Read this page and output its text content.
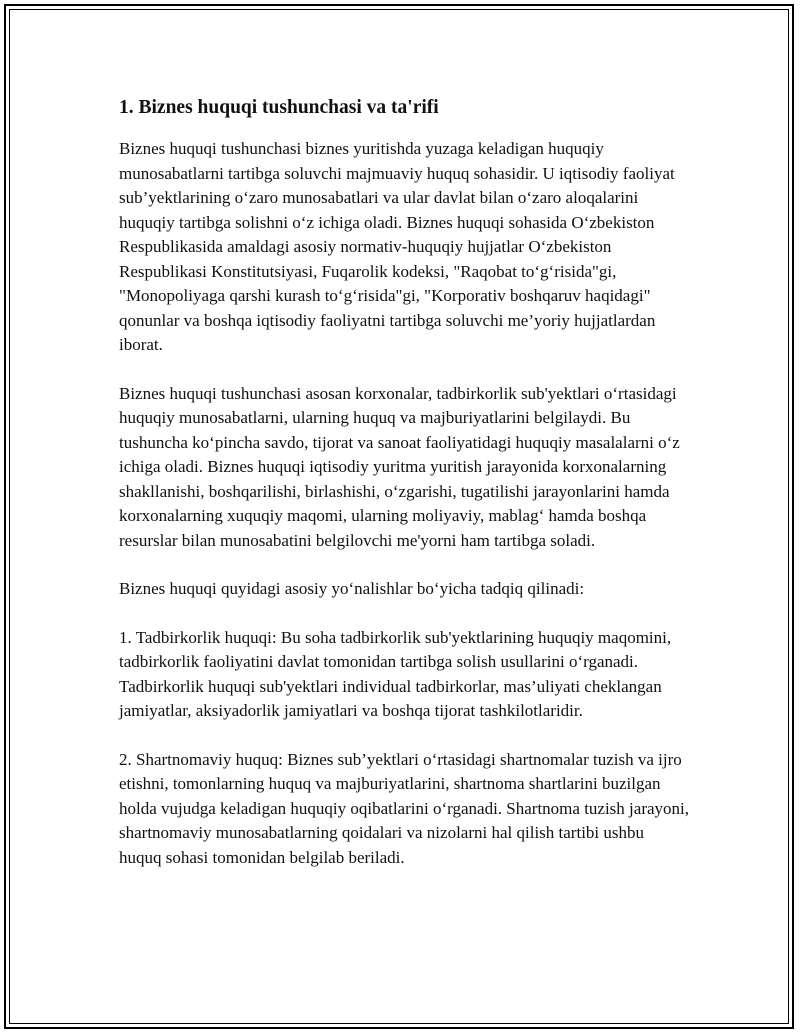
1. Biznes huquqi tushunchasi va ta'rifi

Biznes huquqi tushunchasi biznes yuritishda yuzaga keladigan huquqiy munosabatlarni tartibga soluvchi majmuaviy huquq sohasidir. U iqtisodiy faoliyat sub’yektlarining o‘zaro munosabatlari va ular davlat bilan o‘zaro aloqalarini huquqiy tartibga solishni o‘z ichiga oladi. Biznes huquqi sohasida O‘zbekiston Respublikasida amaldagi asosiy normativ-huquqiy hujjatlar O‘zbekiston Respublikasi Konstitutsiyasi, Fuqarolik kodeksi, "Raqobat to‘g‘risida"gi, "Monopoliyaga qarshi kurash to‘g‘risida"gi, "Korporativ boshqaruv haqidagi" qonunlar va boshqa iqtisodiy faoliyatni tartibga soluvchi me’yoriy hujjatlardan iborat.

Biznes huquqi tushunchasi asosan korxonalar, tadbirkorlik sub'yektlari o‘rtasidagi huquqiy munosabatlarni, ularning huquq va majburiyatlarini belgilaydi. Bu tushuncha ko‘pincha savdo, tijorat va sanoat faoliyatidagi huquqiy masalalarni o‘z ichiga oladi. Biznes huquqi iqtisodiy yuritma yuritish jarayonida korxonalarning shakllanishi, boshqarilishi, birlashishi, o‘zgarishi, tugatilishi jarayonlarini hamda korxonalarning xuquqiy maqomi, ularning moliyaviy, mablag‘ hamda boshqa resurslar bilan munosabatini belgilovchi me'yorni ham tartibga soladi.

Biznes huquqi quyidagi asosiy yo‘nalishlar bo‘yicha tadqiq qilinadi:

1. Tadbirkorlik huquqi: Bu soha tadbirkorlik sub'yektlarining huquqiy maqomini, tadbirkorlik faoliyatini davlat tomonidan tartibga solish usullarini o‘rganadi. Tadbirkorlik huquqi sub'yektlari individual tadbirkorlar, mas’uliyati cheklangan jamiyatlar, aksiyadorlik jamiyatlari va boshqa tijorat tashkilotlaridir.

2. Shartnomaviy huquq: Biznes sub’yektlari o‘rtasidagi shartnomalar tuzish va ijro etishni, tomonlarning huquq va majburiyatlarini, shartnoma shartlarini buzilgan holda vujudga keladigan huquqiy oqibatlarini o‘rganadi. Shartnoma tuzish jarayoni, shartnomaviy munosabatlarning qoidalari va nizolarni hal qilish tartibi ushbu huquq sohasi tomonidan belgilab beriladi.
